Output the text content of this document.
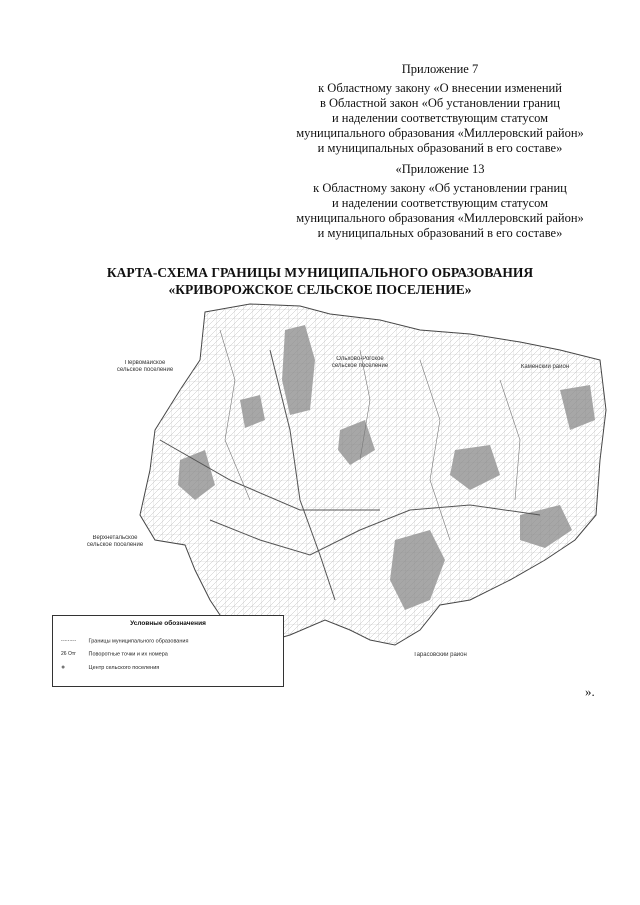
Приложение 7
к Областному закону «О внесении изменений
в Областной закон «Об установлении границ
и наделении соответствующим статусом
муниципального образования «Миллеровский район»
и муниципальных образований в его составе»
«Приложение 13
к Областному закону «Об установлении границ
и наделении соответствующим статусом
муниципального образования «Миллеровский район»
и муниципальных образований в его составе»
КАРТА-СХЕМА ГРАНИЦЫ МУНИЦИПАЛЬНОГО ОБРАЗОВАНИЯ
«КРИВОРОЖСКОЕ СЕЛЬСКОЕ ПОСЕЛЕНИЕ»
Первомайское
сельское поселение
Ольхово-Рогское
сельское поселение	Каменский район
Верхнетальское
сельское поселение
Тарасовский район
Условные обозначения
-·-·-·-·- Границы муниципального образования
26 Отг Поворотные точки и их номера
●	Центр сельского поселения
».
